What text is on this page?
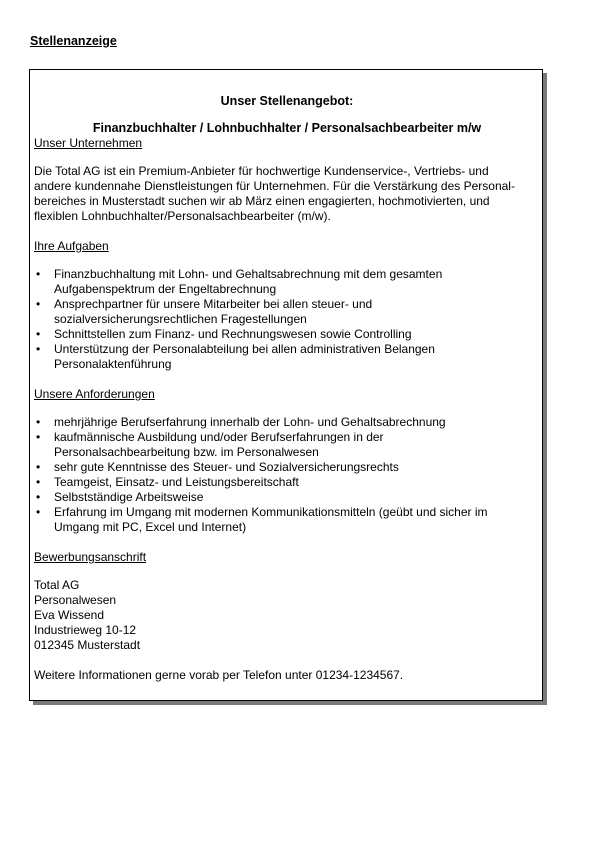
Stellenanzeige

Unser Stellenangebot:

Finanzbuchhalter / Lohnbuchhalter / Personalsachbearbeiter m/w

Unser Unternehmen

Die Total AG ist ein Premium-Anbieter für hochwertige Kundenservice-, Vertriebs- und
andere kundennahe Dienstleistungen für Unternehmen. Für die Verstärkung des Personal-
bereiches in Musterstadt suchen wir ab März einen engagierten, hochmotivierten, und
flexiblen Lohnbuchhalter/Personalsachbearbeiter (m/w).

Ihre Aufgaben

• Finanzbuchhaltung mit Lohn- und Gehaltsabrechnung mit dem gesamten
Aufgabenspektrum der Engeltabrechnung
• Ansprechpartner für unsere Mitarbeiter bei allen steuer- und
sozialversicherungsrechtlichen Fragestellungen
• Schnittstellen zum Finanz- und Rechnungswesen sowie Controlling
• Unterstützung der Personalabteilung bei allen administrativen Belangen
Personalaktenführung

Unsere Anforderungen

• mehrjährige Berufserfahrung innerhalb der Lohn- und Gehaltsabrechnung
• kaufmännische Ausbildung und/oder Berufserfahrungen in der
Personalsachbearbeitung bzw. im Personalwesen
• sehr gute Kenntnisse des Steuer- und Sozialversicherungsrechts
• Teamgeist, Einsatz- und Leistungsbereitschaft
• Selbstständige Arbeitsweise
• Erfahrung im Umgang mit modernen Kommunikationsmitteln (geübt und sicher im
Umgang mit PC, Excel und Internet)

Bewerbungsanschrift

Total AG
Personalwesen
Eva Wissend
Industrieweg 10-12
012345 Musterstadt

Weitere Informationen gerne vorab per Telefon unter 01234-1234567.
